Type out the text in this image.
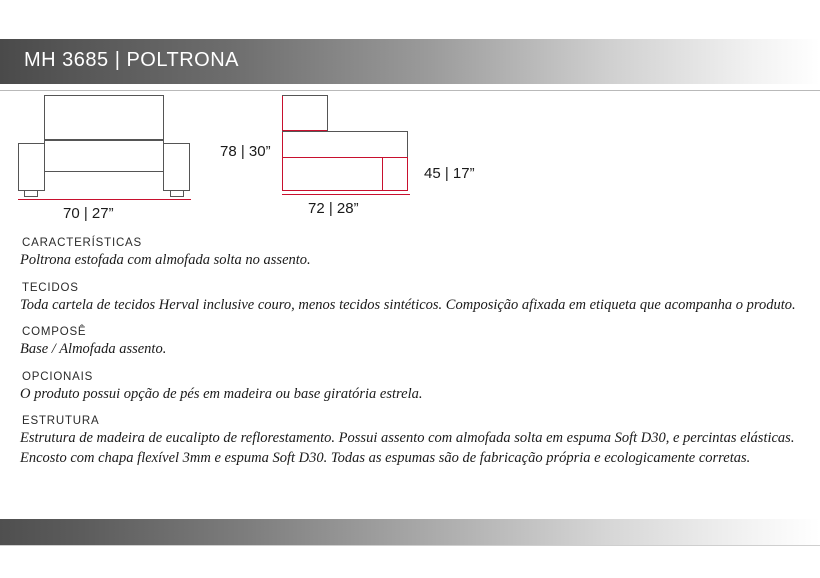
MH 3685 | POLTRONA
70 | 27”
78 | 30”
45 | 17”
72 | 28”
CARACTERÍSTICAS
Poltrona estofada com almofada solta no assento.
TECIDOS
Toda cartela de tecidos Herval inclusive couro, menos tecidos sintéticos. Composição afixada em etiqueta que acompanha o produto.
COMPOSÊ
Base / Almofada assento.
OPCIONAIS
O produto possui opção de pés em madeira ou base giratória estrela.
ESTRUTURA
Estrutura de madeira de eucalipto de reflorestamento. Possui assento com almofada solta em espuma Soft D30, e percintas elásticas. Encosto com chapa flexível 3mm e espuma Soft D30. Todas as espumas são de fabricação própria e ecologicamente corretas.
